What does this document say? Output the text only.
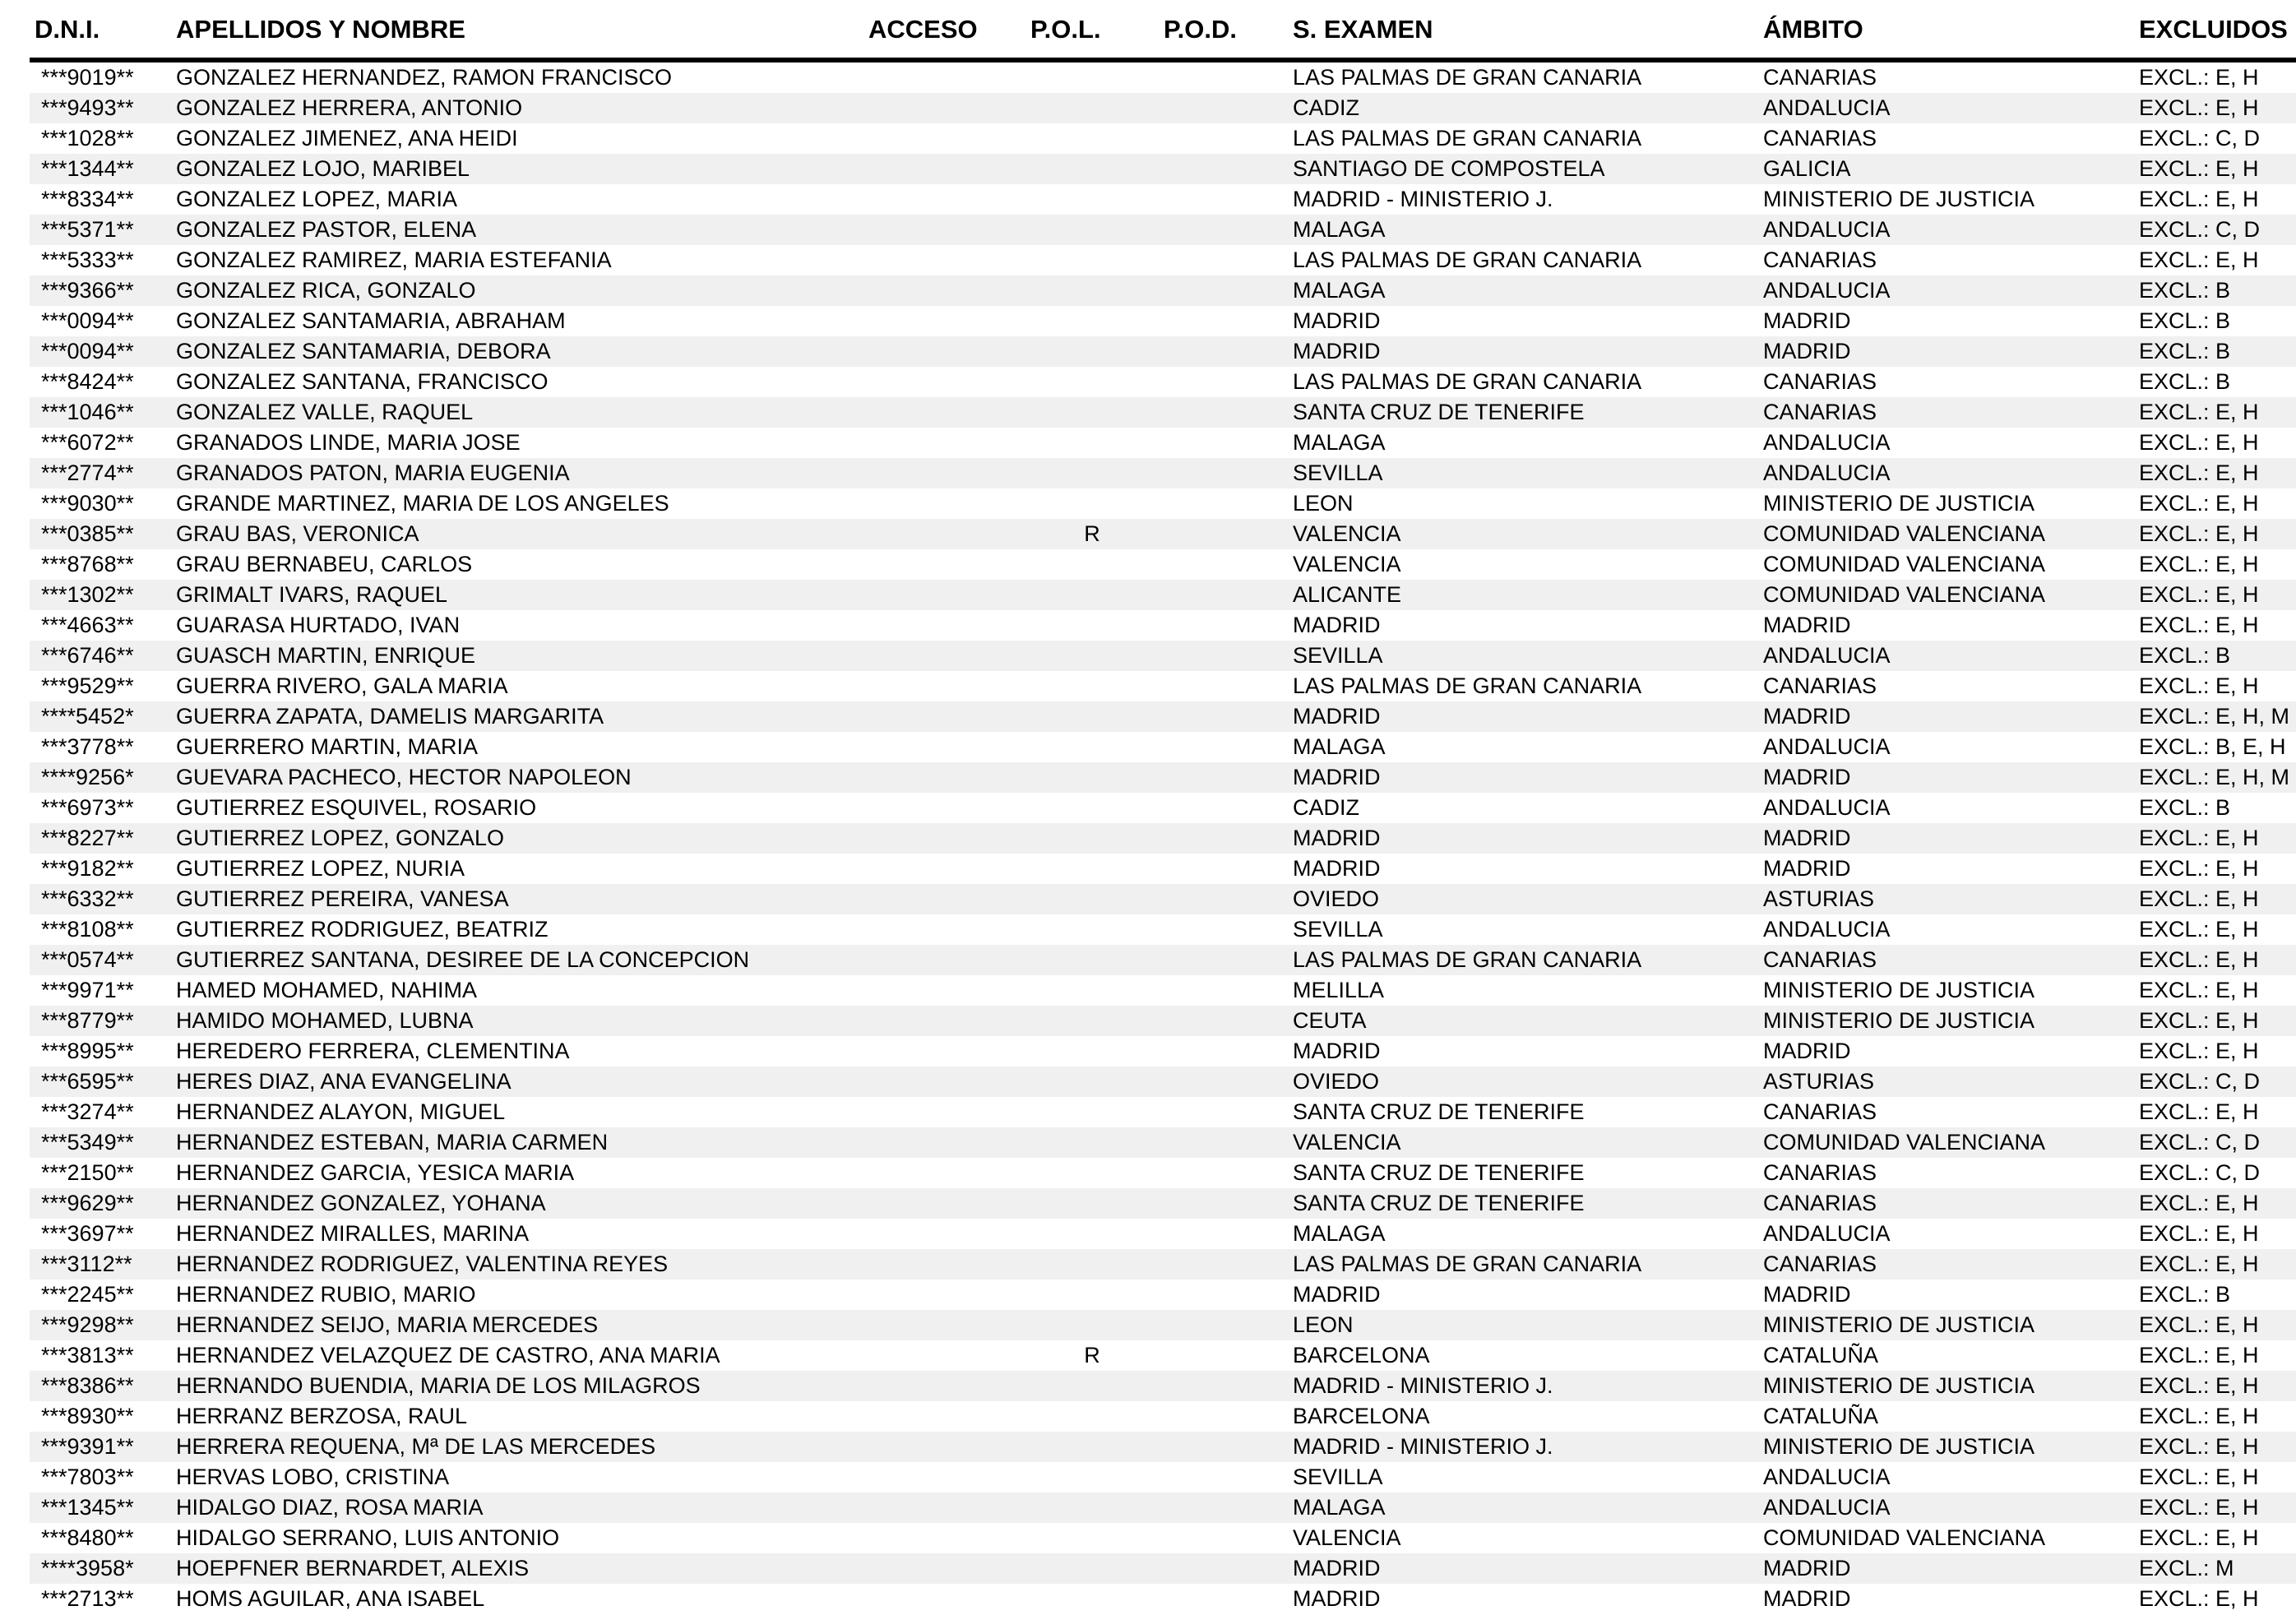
D.N.I.	APELLIDOS Y NOMBRE	ACCESO	P.O.L.	P.O.D.	S. EXAMEN	ÁMBITO	EXCLUIDOS
***9019**	GONZALEZ HERNANDEZ, RAMON FRANCISCO				LAS PALMAS DE GRAN CANARIA	CANARIAS	EXCL.: E, H
***9493**	GONZALEZ HERRERA, ANTONIO				CADIZ	ANDALUCIA	EXCL.: E, H
***1028**	GONZALEZ JIMENEZ, ANA HEIDI				LAS PALMAS DE GRAN CANARIA	CANARIAS	EXCL.: C, D
***1344**	GONZALEZ LOJO, MARIBEL				SANTIAGO DE COMPOSTELA	GALICIA	EXCL.: E, H
***8334**	GONZALEZ LOPEZ, MARIA				MADRID - MINISTERIO J.	MINISTERIO DE JUSTICIA	EXCL.: E, H
***5371**	GONZALEZ PASTOR, ELENA				MALAGA	ANDALUCIA	EXCL.: C, D
***5333**	GONZALEZ RAMIREZ, MARIA ESTEFANIA				LAS PALMAS DE GRAN CANARIA	CANARIAS	EXCL.: E, H
***9366**	GONZALEZ RICA, GONZALO				MALAGA	ANDALUCIA	EXCL.: B
***0094**	GONZALEZ SANTAMARIA, ABRAHAM				MADRID	MADRID	EXCL.: B
***0094**	GONZALEZ SANTAMARIA, DEBORA				MADRID	MADRID	EXCL.: B
***8424**	GONZALEZ SANTANA, FRANCISCO				LAS PALMAS DE GRAN CANARIA	CANARIAS	EXCL.: B
***1046**	GONZALEZ VALLE, RAQUEL				SANTA CRUZ DE TENERIFE	CANARIAS	EXCL.: E, H
***6072**	GRANADOS LINDE, MARIA JOSE				MALAGA	ANDALUCIA	EXCL.: E, H
***2774**	GRANADOS PATON, MARIA EUGENIA				SEVILLA	ANDALUCIA	EXCL.: E, H
***9030**	GRANDE MARTINEZ, MARIA DE LOS ANGELES				LEON	MINISTERIO DE JUSTICIA	EXCL.: E, H
***0385**	GRAU BAS, VERONICA		R		VALENCIA	COMUNIDAD VALENCIANA	EXCL.: E, H
***8768**	GRAU BERNABEU, CARLOS				VALENCIA	COMUNIDAD VALENCIANA	EXCL.: E, H
***1302**	GRIMALT IVARS, RAQUEL				ALICANTE	COMUNIDAD VALENCIANA	EXCL.: E, H
***4663**	GUARASA HURTADO, IVAN				MADRID	MADRID	EXCL.: E, H
***6746**	GUASCH MARTIN, ENRIQUE				SEVILLA	ANDALUCIA	EXCL.: B
***9529**	GUERRA RIVERO, GALA MARIA				LAS PALMAS DE GRAN CANARIA	CANARIAS	EXCL.: E, H
****5452*	GUERRA ZAPATA, DAMELIS MARGARITA				MADRID	MADRID	EXCL.: E, H, M
***3778**	GUERRERO MARTIN, MARIA				MALAGA	ANDALUCIA	EXCL.: B, E, H
****9256*	GUEVARA PACHECO, HECTOR NAPOLEON				MADRID	MADRID	EXCL.: E, H, M
***6973**	GUTIERREZ ESQUIVEL, ROSARIO				CADIZ	ANDALUCIA	EXCL.: B
***8227**	GUTIERREZ LOPEZ, GONZALO				MADRID	MADRID	EXCL.: E, H
***9182**	GUTIERREZ LOPEZ, NURIA				MADRID	MADRID	EXCL.: E, H
***6332**	GUTIERREZ PEREIRA, VANESA				OVIEDO	ASTURIAS	EXCL.: E, H
***8108**	GUTIERREZ RODRIGUEZ, BEATRIZ				SEVILLA	ANDALUCIA	EXCL.: E, H
***0574**	GUTIERREZ SANTANA, DESIREE DE LA CONCEPCION				LAS PALMAS DE GRAN CANARIA	CANARIAS	EXCL.: E, H
***9971**	HAMED MOHAMED, NAHIMA				MELILLA	MINISTERIO DE JUSTICIA	EXCL.: E, H
***8779**	HAMIDO MOHAMED, LUBNA				CEUTA	MINISTERIO DE JUSTICIA	EXCL.: E, H
***8995**	HEREDERO FERRERA, CLEMENTINA				MADRID	MADRID	EXCL.: E, H
***6595**	HERES DIAZ, ANA EVANGELINA				OVIEDO	ASTURIAS	EXCL.: C, D
***3274**	HERNANDEZ ALAYON, MIGUEL				SANTA CRUZ DE TENERIFE	CANARIAS	EXCL.: E, H
***5349**	HERNANDEZ ESTEBAN, MARIA CARMEN				VALENCIA	COMUNIDAD VALENCIANA	EXCL.: C, D
***2150**	HERNANDEZ GARCIA, YESICA MARIA				SANTA CRUZ DE TENERIFE	CANARIAS	EXCL.: C, D
***9629**	HERNANDEZ GONZALEZ, YOHANA				SANTA CRUZ DE TENERIFE	CANARIAS	EXCL.: E, H
***3697**	HERNANDEZ MIRALLES, MARINA				MALAGA	ANDALUCIA	EXCL.: E, H
***3112**	HERNANDEZ RODRIGUEZ, VALENTINA REYES				LAS PALMAS DE GRAN CANARIA	CANARIAS	EXCL.: E, H
***2245**	HERNANDEZ RUBIO, MARIO				MADRID	MADRID	EXCL.: B
***9298**	HERNANDEZ SEIJO, MARIA MERCEDES				LEON	MINISTERIO DE JUSTICIA	EXCL.: E, H
***3813**	HERNANDEZ VELAZQUEZ DE CASTRO, ANA MARIA		R		BARCELONA	CATALUÑA	EXCL.: E, H
***8386**	HERNANDO BUENDIA, MARIA DE LOS MILAGROS				MADRID - MINISTERIO J.	MINISTERIO DE JUSTICIA	EXCL.: E, H
***8930**	HERRANZ BERZOSA, RAUL				BARCELONA	CATALUÑA	EXCL.: E, H
***9391**	HERRERA REQUENA, Mª DE LAS MERCEDES				MADRID - MINISTERIO J.	MINISTERIO DE JUSTICIA	EXCL.: E, H
***7803**	HERVAS LOBO, CRISTINA				SEVILLA	ANDALUCIA	EXCL.: E, H
***1345**	HIDALGO DIAZ, ROSA MARIA				MALAGA	ANDALUCIA	EXCL.: E, H
***8480**	HIDALGO SERRANO, LUIS ANTONIO				VALENCIA	COMUNIDAD VALENCIANA	EXCL.: E, H
****3958*	HOEPFNER BERNARDET, ALEXIS				MADRID	MADRID	EXCL.: M
***2713**	HOMS AGUILAR, ANA ISABEL				MADRID	MADRID	EXCL.: E, H
